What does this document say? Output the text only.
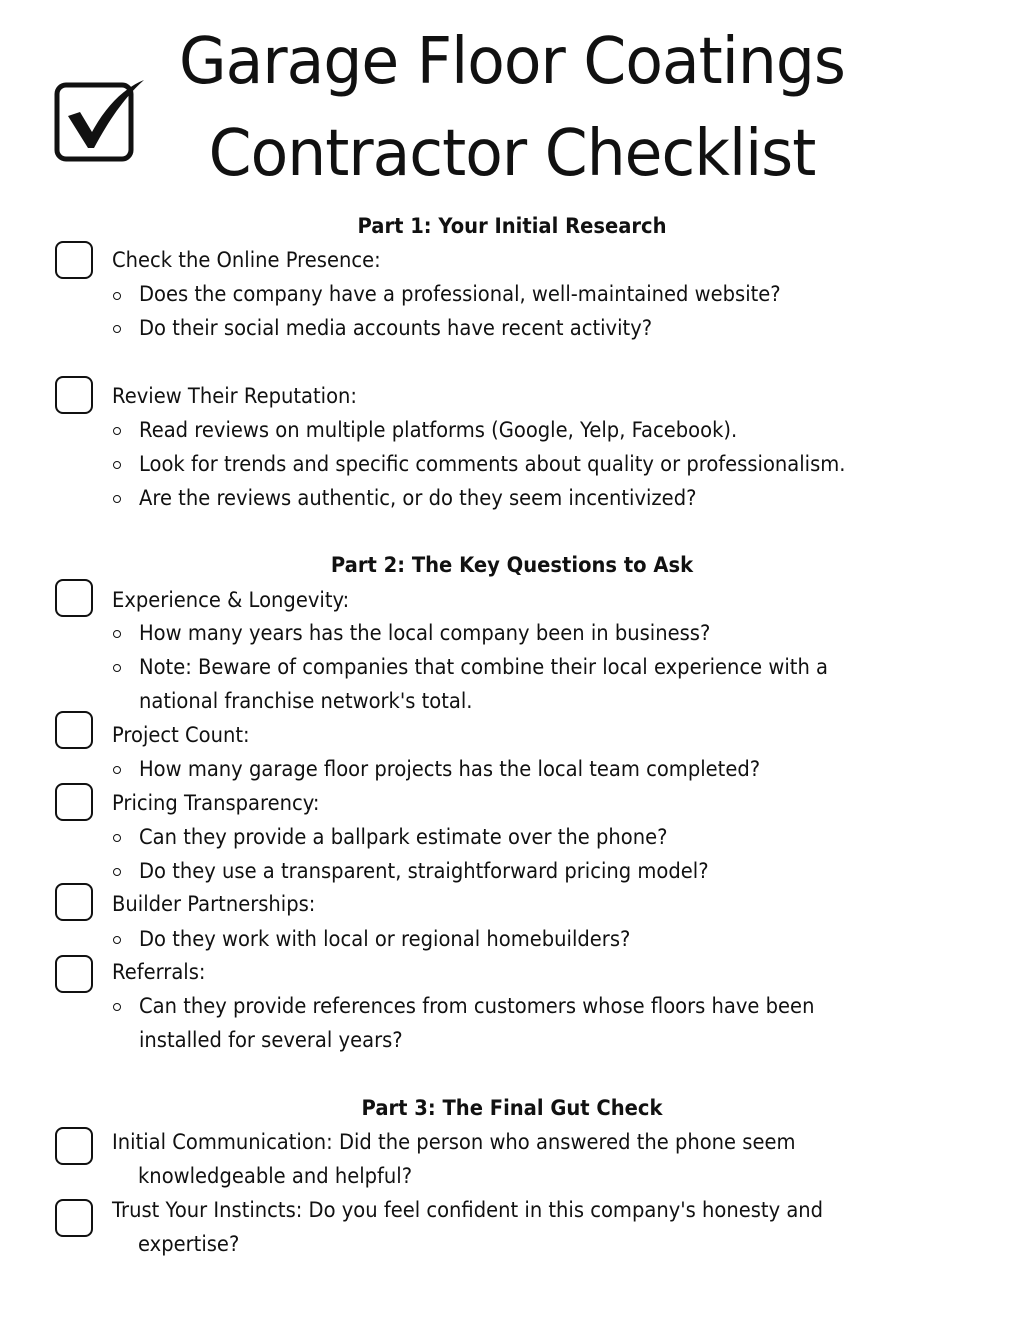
Garage Floor Coatings
Contractor Checklist
Part 1: Your Initial Research
Check the Online Presence:
Does the company have a professional, well-maintained website?
Do their social media accounts have recent activity?
Review Their Reputation:
Read reviews on multiple platforms (Google, Yelp, Facebook).
Look for trends and specific comments about quality or professionalism.
Are the reviews authentic, or do they seem incentivized?
Part 2: The Key Questions to Ask
Experience & Longevity:
How many years has the local company been in business?
Note: Beware of companies that combine their local experience with a
national franchise network's total.
Project Count:
How many garage floor projects has the local team completed?
Pricing Transparency:
Can they provide a ballpark estimate over the phone?
Do they use a transparent, straightforward pricing model?
Builder Partnerships:
Do they work with local or regional homebuilders?
Referrals:
Can they provide references from customers whose floors have been
installed for several years?
Part 3: The Final Gut Check
Initial Communication: Did the person who answered the phone seem
knowledgeable and helpful?
Trust Your Instincts: Do you feel confident in this company's honesty and
expertise?
